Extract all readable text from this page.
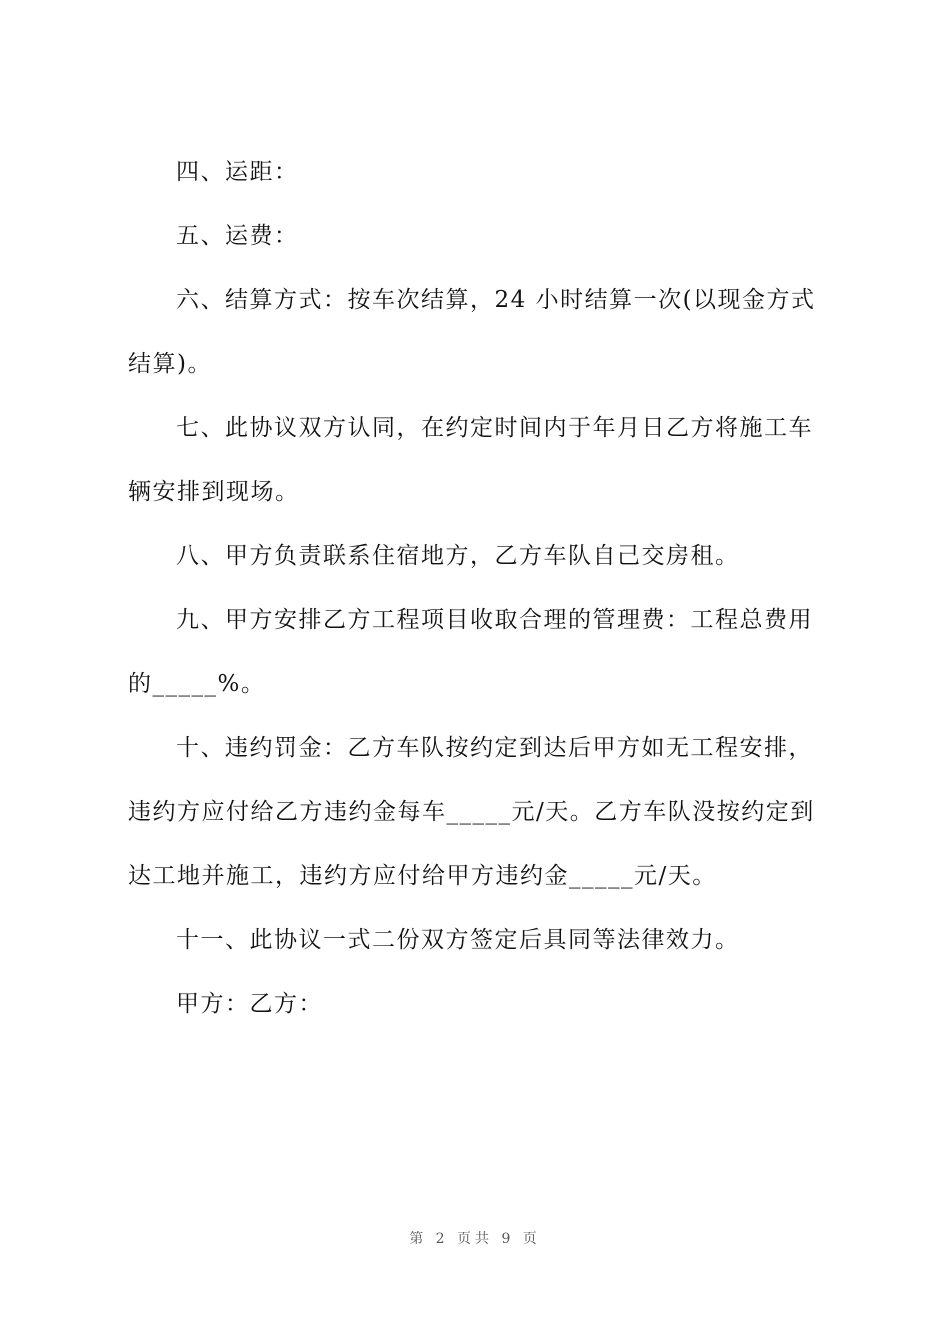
四、运距：
五、运费：
六、结算方式：按车次结算，24 小时结算一次(以现金方式
结算)。
七、此协议双方认同，在约定时间内于年月日乙方将施工车
辆安排到现场。
八、甲方负责联系住宿地方，乙方车队自己交房租。
九、甲方安排乙方工程项目收取合理的管理费：工程总费用
的_____%。
十、违约罚金：乙方车队按约定到达后甲方如无工程安排，
违约方应付给乙方违约金每车_____元/天。乙方车队没按约定到
达工地并施工，违约方应付给甲方违约金_____元/天。
十一、此协议一式二份双方签定后具同等法律效力。
甲方：乙方：
第 2 页共 9 页
